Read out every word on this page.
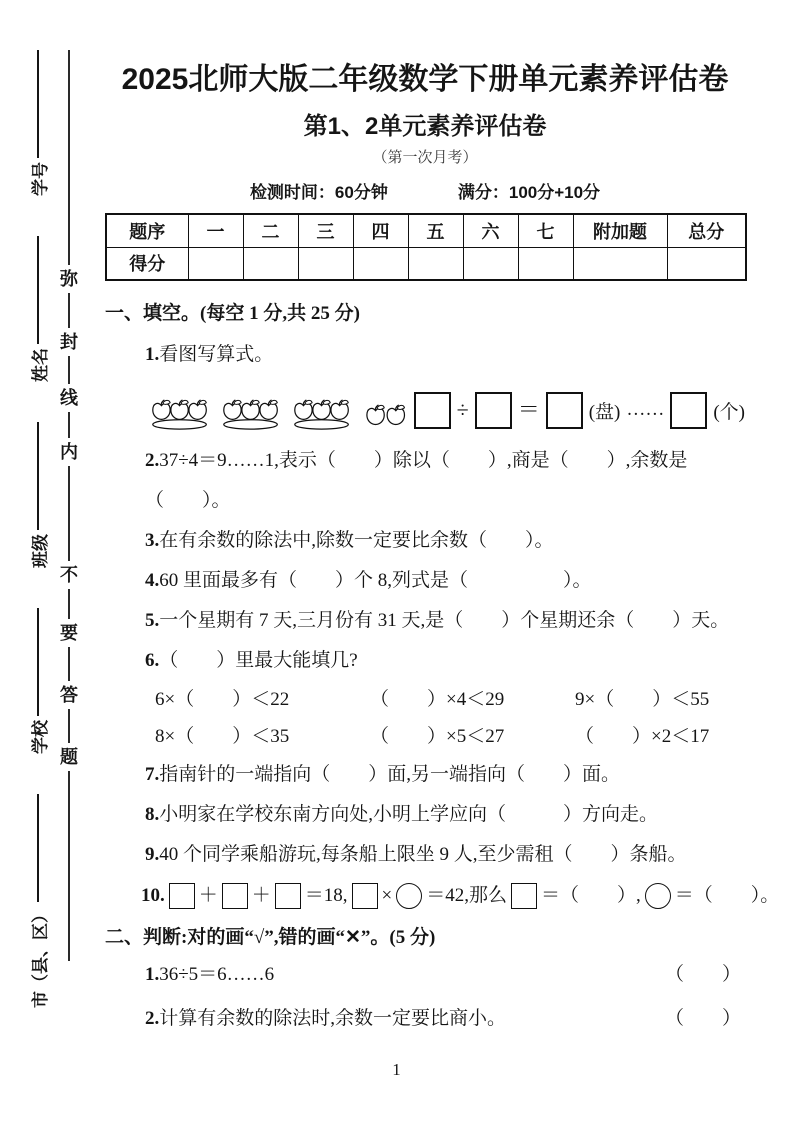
市（县、区）
学校
班级
姓名
学号
弥
封
线
内
不
要
答
题
2025北师大版二年级数学下册单元素养评估卷
第1、2单元素养评估卷
（第一次月考）
检测时间：60分钟	满分：100分+10分
题序	一	二	三	四	五	六	七	附加题	总分
得分									
一、填空。(每空 1 分,共 25 分)
1.看图写算式。
÷ ＝	(盘) ……	(个)
2.37÷4＝9……1,表示（　　）除以（　　）,商是（　　）,余数是
（　　）。
3.在有余数的除法中,除数一定要比余数（　　）。
4.60 里面最多有（　　）个 8,列式是（　　　　　）。
5.一个星期有 7 天,三月份有 31 天,是（　　）个星期还余（　　）天。
6.（　　）里最大能填几?
6×（　　）＜22	（　　）×4＜29	9×（　　）＜55
8×（　　）＜35	（　　）×5＜27	（　　）×2＜17
7.指南针的一端指向（　　）面,另一端指向（　　）面。
8.小明家在学校东南方向处,小明上学应向（　　　）方向走。
9.40 个同学乘船游玩,每条船上限坐 9 人,至少需租（　　）条船。
10. ＋ ＋ ＝18, × ＝42,那么 ＝（　　）, ＝（　　）。
二、判断:对的画“√”,错的画“✕”。(5 分)
1.36÷5＝6……6	（　　）
2.计算有余数的除法时,余数一定要比商小。	（　　）
1
